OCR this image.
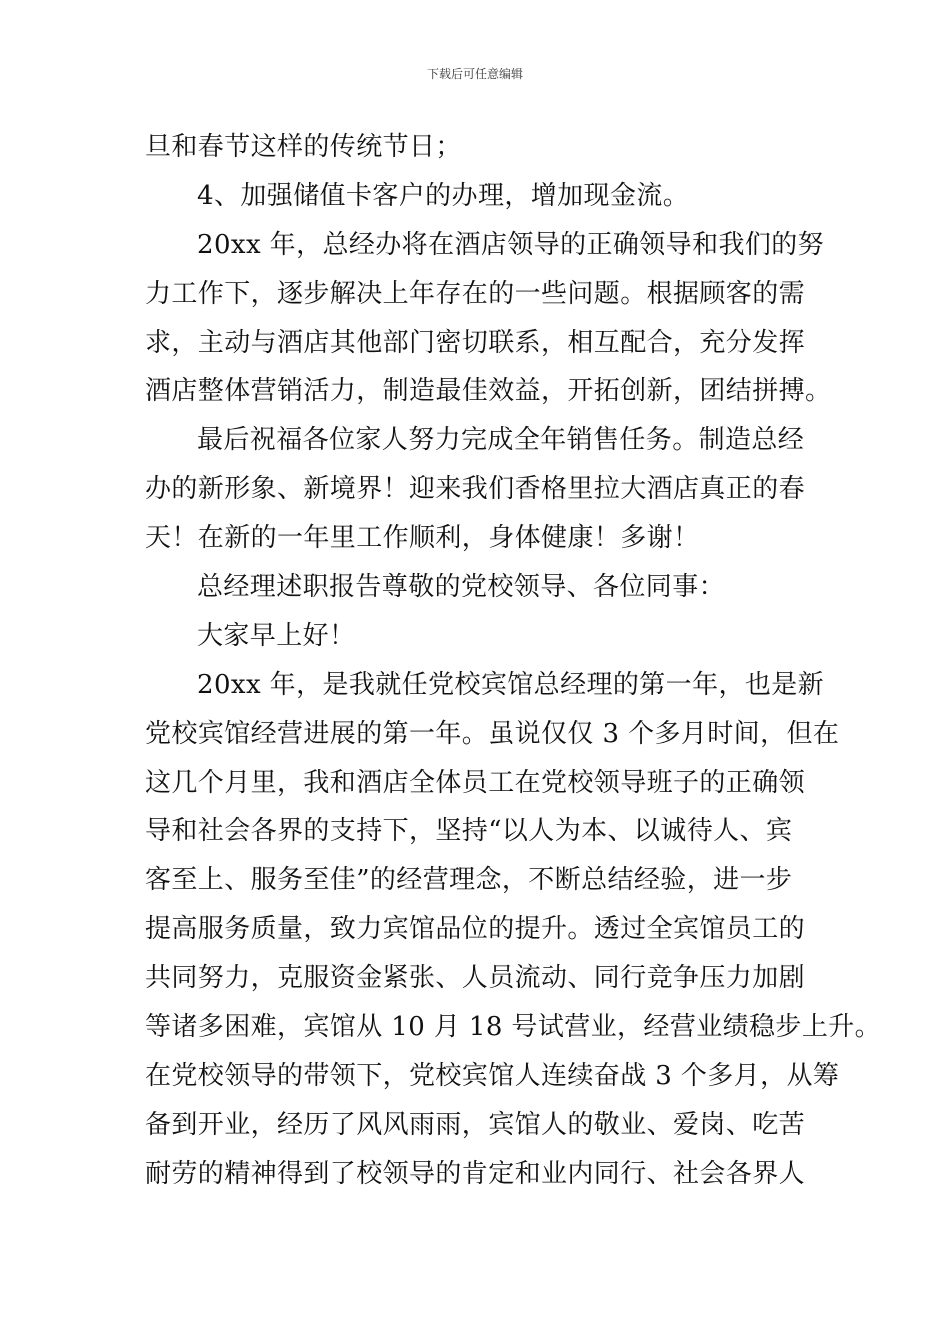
下载后可任意编辑
旦和春节这样的传统节日；
4、加强储值卡客户的办理，增加现金流。
20xx 年，总经办将在酒店领导的正确领导和我们的努
力工作下，逐步解决上年存在的一些问题。根据顾客的需
求，主动与酒店其他部门密切联系，相互配合，充分发挥
酒店整体营销活力，制造最佳效益，开拓创新，团结拼搏。
最后祝福各位家人努力完成全年销售任务。制造总经
办的新形象、新境界！迎来我们香格里拉大酒店真正的春
天！在新的一年里工作顺利，身体健康！多谢！
总经理述职报告尊敬的党校领导、各位同事：
大家早上好！
20xx 年，是我就任党校宾馆总经理的第一年，也是新
党校宾馆经营进展的第一年。虽说仅仅 3 个多月时间，但在
这几个月里，我和酒店全体员工在党校领导班子的正确领
导和社会各界的支持下，坚持“以人为本、以诚待人、宾
客至上、服务至佳”的经营理念，不断总结经验，进一步
提高服务质量，致力宾馆品位的提升。透过全宾馆员工的
共同努力，克服资金紧张、人员流动、同行竞争压力加剧
等诸多困难，宾馆从 10 月 18 号试营业，经营业绩稳步上升。
在党校领导的带领下，党校宾馆人连续奋战 3 个多月，从筹
备到开业，经历了风风雨雨，宾馆人的敬业、爱岗、吃苦
耐劳的精神得到了校领导的肯定和业内同行、社会各界人
